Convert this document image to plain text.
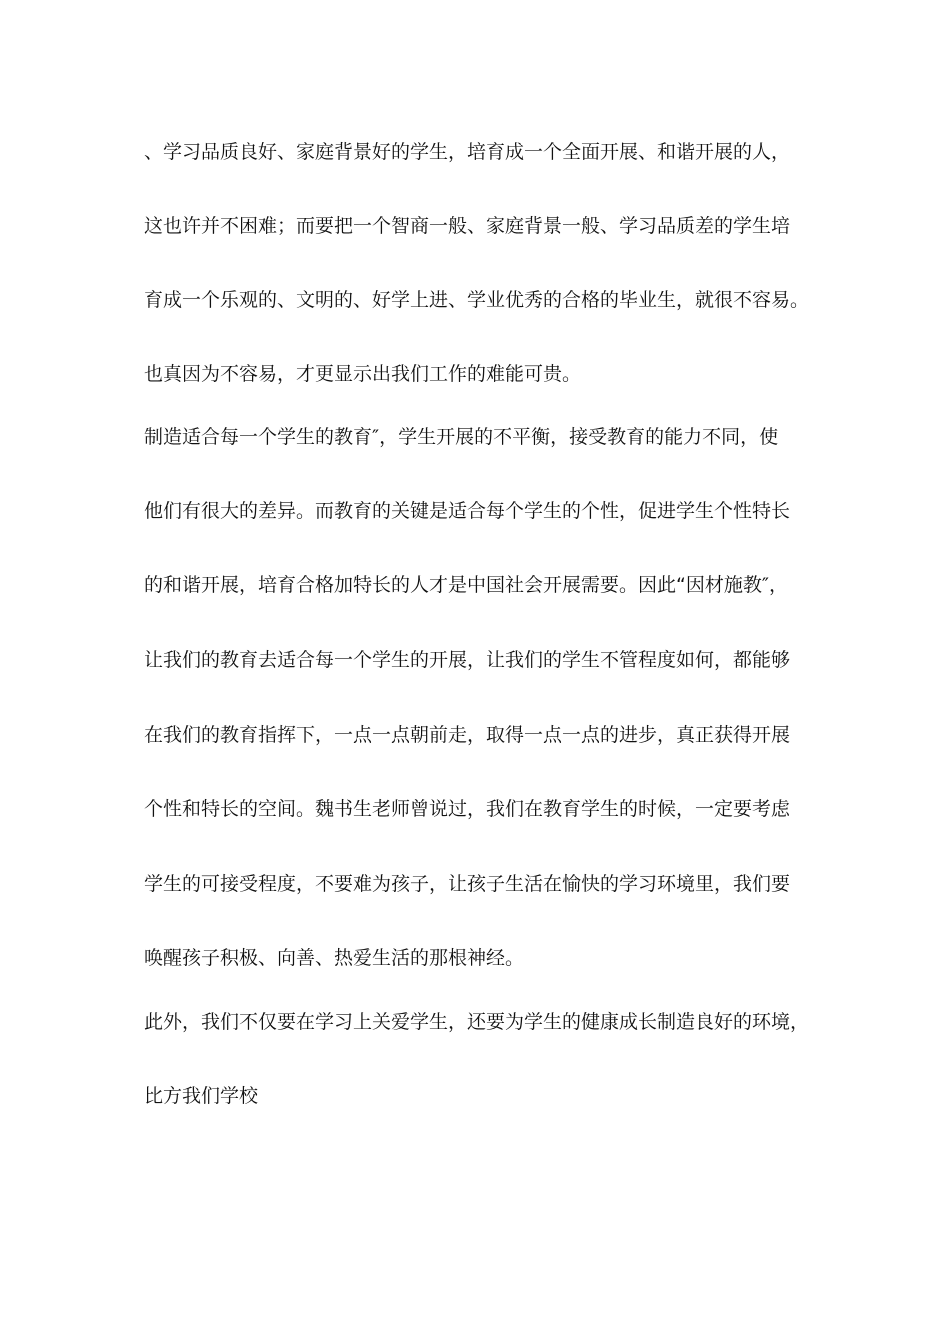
、学习品质良好、家庭背景好的学生，培育成一个全面开展、和谐开展的人，
这也许并不困难；而要把一个智商一般、家庭背景一般、学习品质差的学生培
育成一个乐观的、文明的、好学上进、学业优秀的合格的毕业生，就很不容易。
也真因为不容易，才更显示出我们工作的难能可贵。
制造适合每一个学生的教育″，学生开展的不平衡，接受教育的能力不同，使
他们有很大的差异。而教育的关键是适合每个学生的个性，促进学生个性特长
的和谐开展，培育合格加特长的人才是中国社会开展需要。因此“因材施教″，
让我们的教育去适合每一个学生的开展，让我们的学生不管程度如何，都能够
在我们的教育指挥下，一点一点朝前走，取得一点一点的进步，真正获得开展
个性和特长的空间。魏书生老师曾说过，我们在教育学生的时候，一定要考虑
学生的可接受程度，不要难为孩子，让孩子生活在愉快的学习环境里，我们要
唤醒孩子积极、向善、热爱生活的那根神经。
此外，我们不仅要在学习上关爱学生，还要为学生的健康成长制造良好的环境，
比方我们学校
